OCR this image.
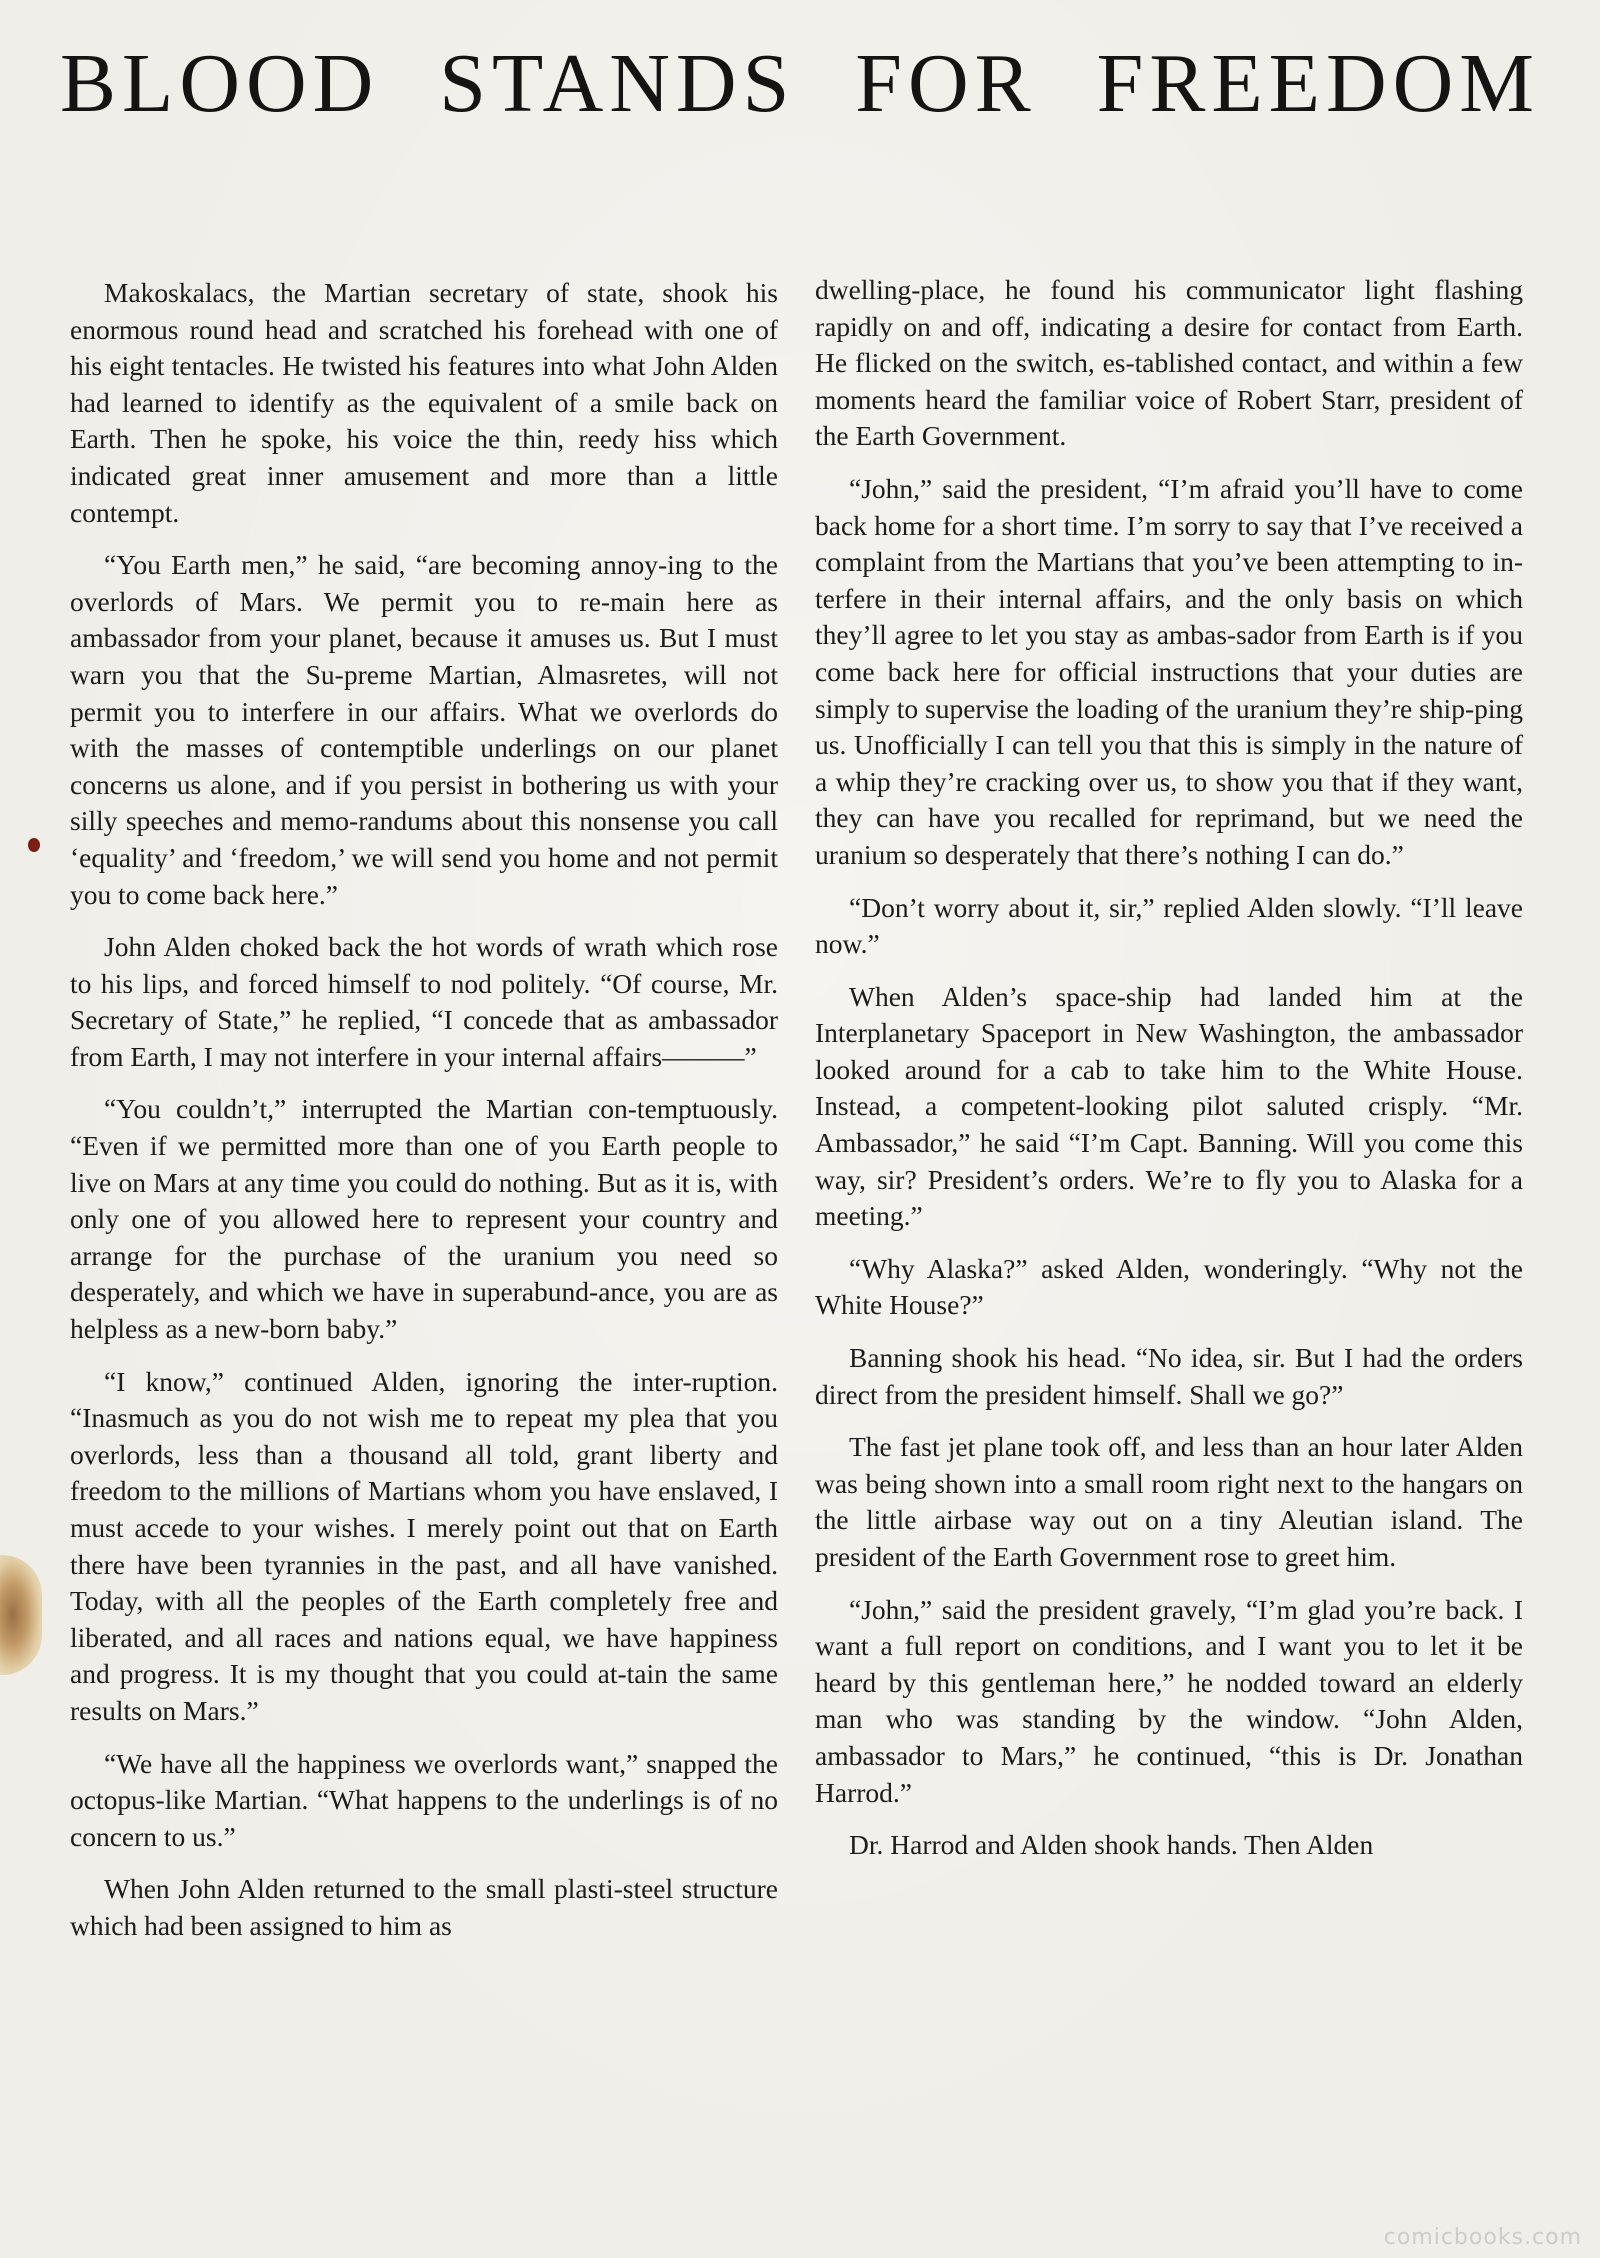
BLOOD STANDS FOR FREEDOM

Makoskalacs, the Martian secretary of state, shook his enormous round head and scratched his forehead with one of his eight tentacles. He twisted his features into what John Alden had learned to identify as the equivalent of a smile back on Earth. Then he spoke, his voice the thin, reedy hiss which indicated great inner amusement and more than a little contempt.

“You Earth men,” he said, “are becoming annoy-ing to the overlords of Mars. We permit you to re-main here as ambassador from your planet, because it amuses us. But I must warn you that the Su-preme Martian, Almasretes, will not permit you to interfere in our affairs. What we overlords do with the masses of contemptible underlings on our planet concerns us alone, and if you persist in bothering us with your silly speeches and memo-randums about this nonsense you call ‘equality’ and ‘freedom,’ we will send you home and not permit you to come back here.”

John Alden choked back the hot words of wrath which rose to his lips, and forced himself to nod politely. “Of course, Mr. Secretary of State,” he replied, “I concede that as ambassador from Earth, I may not interfere in your internal affairs———”

“You couldn’t,” interrupted the Martian con-temptuously. “Even if we permitted more than one of you Earth people to live on Mars at any time you could do nothing. But as it is, with only one of you allowed here to represent your country and arrange for the purchase of the uranium you need so desperately, and which we have in superabund-ance, you are as helpless as a new-born baby.”

“I know,” continued Alden, ignoring the inter-ruption. “Inasmuch as you do not wish me to repeat my plea that you overlords, less than a thousand all told, grant liberty and freedom to the millions of Martians whom you have enslaved, I must accede to your wishes. I merely point out that on Earth there have been tyrannies in the past, and all have vanished. Today, with all the peoples of the Earth completely free and liberated, and all races and nations equal, we have happiness and progress. It is my thought that you could at-tain the same results on Mars.”

“We have all the happiness we overlords want,” snapped the octopus-like Martian. “What happens to the underlings is of no concern to us.”

When John Alden returned to the small plasti-steel structure which had been assigned to him as

dwelling-place, he found his communicator light flashing rapidly on and off, indicating a desire for contact from Earth. He flicked on the switch, es-tablished contact, and within a few moments heard the familiar voice of Robert Starr, president of the Earth Government.

“John,” said the president, “I’m afraid you’ll have to come back home for a short time. I’m sorry to say that I’ve received a complaint from the Martians that you’ve been attempting to in-terfere in their internal affairs, and the only basis on which they’ll agree to let you stay as ambas-sador from Earth is if you come back here for official instructions that your duties are simply to supervise the loading of the uranium they’re ship-ping us. Unofficially I can tell you that this is simply in the nature of a whip they’re cracking over us, to show you that if they want, they can have you recalled for reprimand, but we need the uranium so desperately that there’s nothing I can do.”

“Don’t worry about it, sir,” replied Alden slowly. “I’ll leave now.”

When Alden’s space-ship had landed him at the Interplanetary Spaceport in New Washington, the ambassador looked around for a cab to take him to the White House. Instead, a competent-looking pilot saluted crisply. “Mr. Ambassador,” he said “I’m Capt. Banning. Will you come this way, sir? President’s orders. We’re to fly you to Alaska for a meeting.”

“Why Alaska?” asked Alden, wonderingly. “Why not the White House?”

Banning shook his head. “No idea, sir. But I had the orders direct from the president himself. Shall we go?”

The fast jet plane took off, and less than an hour later Alden was being shown into a small room right next to the hangars on the little airbase way out on a tiny Aleutian island. The president of the Earth Government rose to greet him.

“John,” said the president gravely, “I’m glad you’re back. I want a full report on conditions, and I want you to let it be heard by this gentleman here,” he nodded toward an elderly man who was standing by the window. “John Alden, ambassador to Mars,” he continued, “this is Dr. Jonathan Harrod.”

Dr. Harrod and Alden shook hands. Then Alden

comicbooks.com
